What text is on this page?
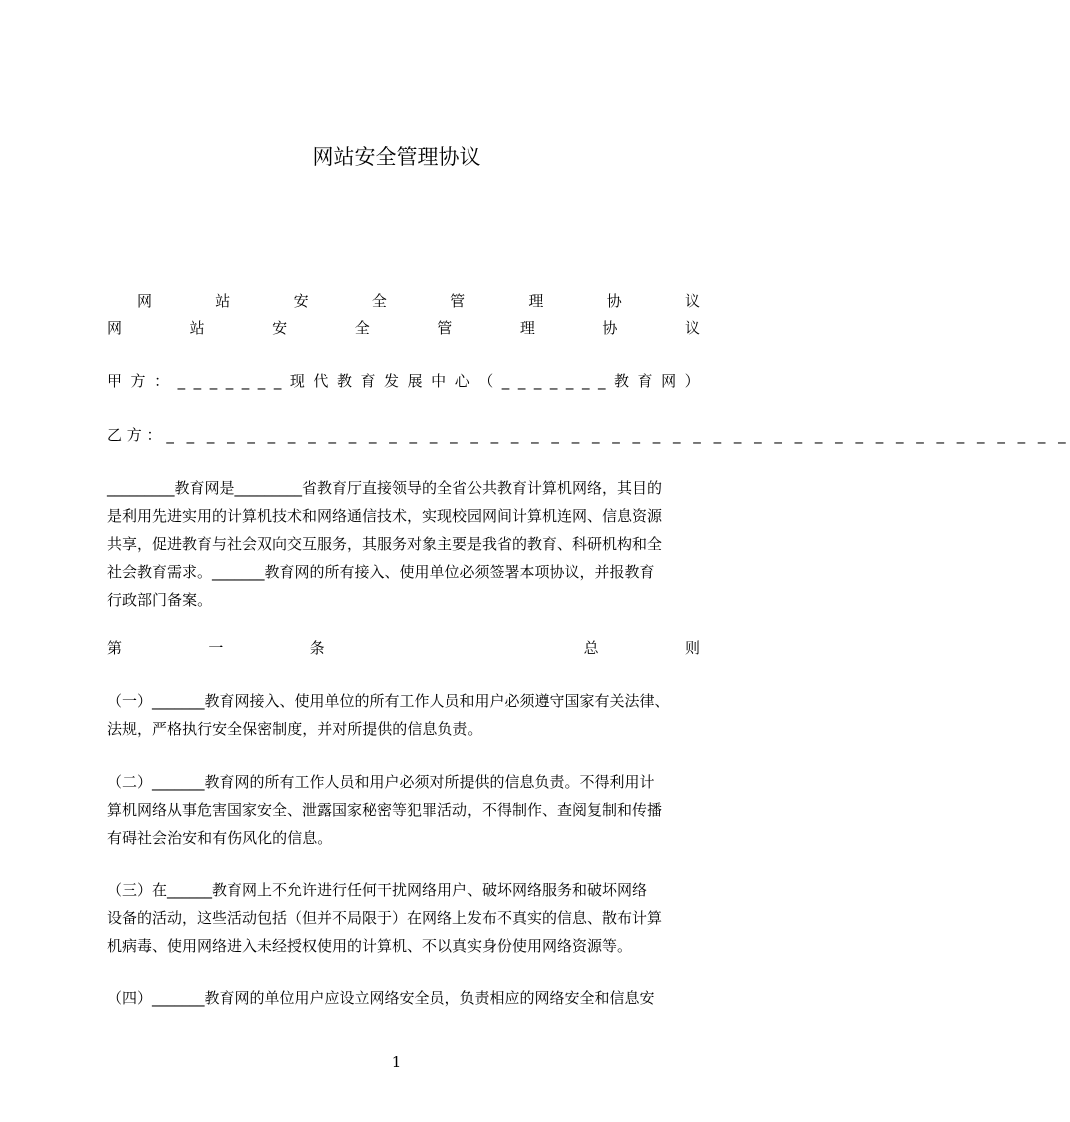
网站安全管理协议
网	站	安	全	管	理	协	议
网	站	安	全	管	理	协	议
甲 方 ： _ _ _ _ _ _ _ 现 代 教 育 发 展 中 心 （ _ _ _ _ _ _ _ 教 育 网 ）
乙 方 ： _ _ _ _ _ _ _ _ _ _ _ _ _ _ _ _ _ _ _ _ _ _ _ _ _ _ _ _ _ _ _ _ _ _ _ _ _ _ _ _ _ _ _ _ _
_________教育网是_________省教育厅直接领导的全省公共教育计算机网络，其目的
是利用先进实用的计算机技术和网络通信技术，实现校园网间计算机连网、信息资源
共享，促进教育与社会双向交互服务，其服务对象主要是我省的教育、科研机构和全
社会教育需求。_______教育网的所有接入、使用单位必须签署本项协议，并报教育
行政部门备案。
第	一	条	总	则
（一）_______教育网接入、使用单位的所有工作人员和用户必须遵守国家有关法律、
法规，严格执行安全保密制度，并对所提供的信息负责。
（二）_______教育网的所有工作人员和用户必须对所提供的信息负责。不得利用计
算机网络从事危害国家安全、泄露国家秘密等犯罪活动，不得制作、查阅复制和传播
有碍社会治安和有伤风化的信息。
（三）在______教育网上不允许进行任何干扰网络用户、破坏网络服务和破坏网络
设备的活动，这些活动包括（但并不局限于）在网络上发布不真实的信息、散布计算
机病毒、使用网络进入未经授权使用的计算机、不以真实身份使用网络资源等。
（四）_______教育网的单位用户应设立网络安全员，负责相应的网络安全和信息安
1
